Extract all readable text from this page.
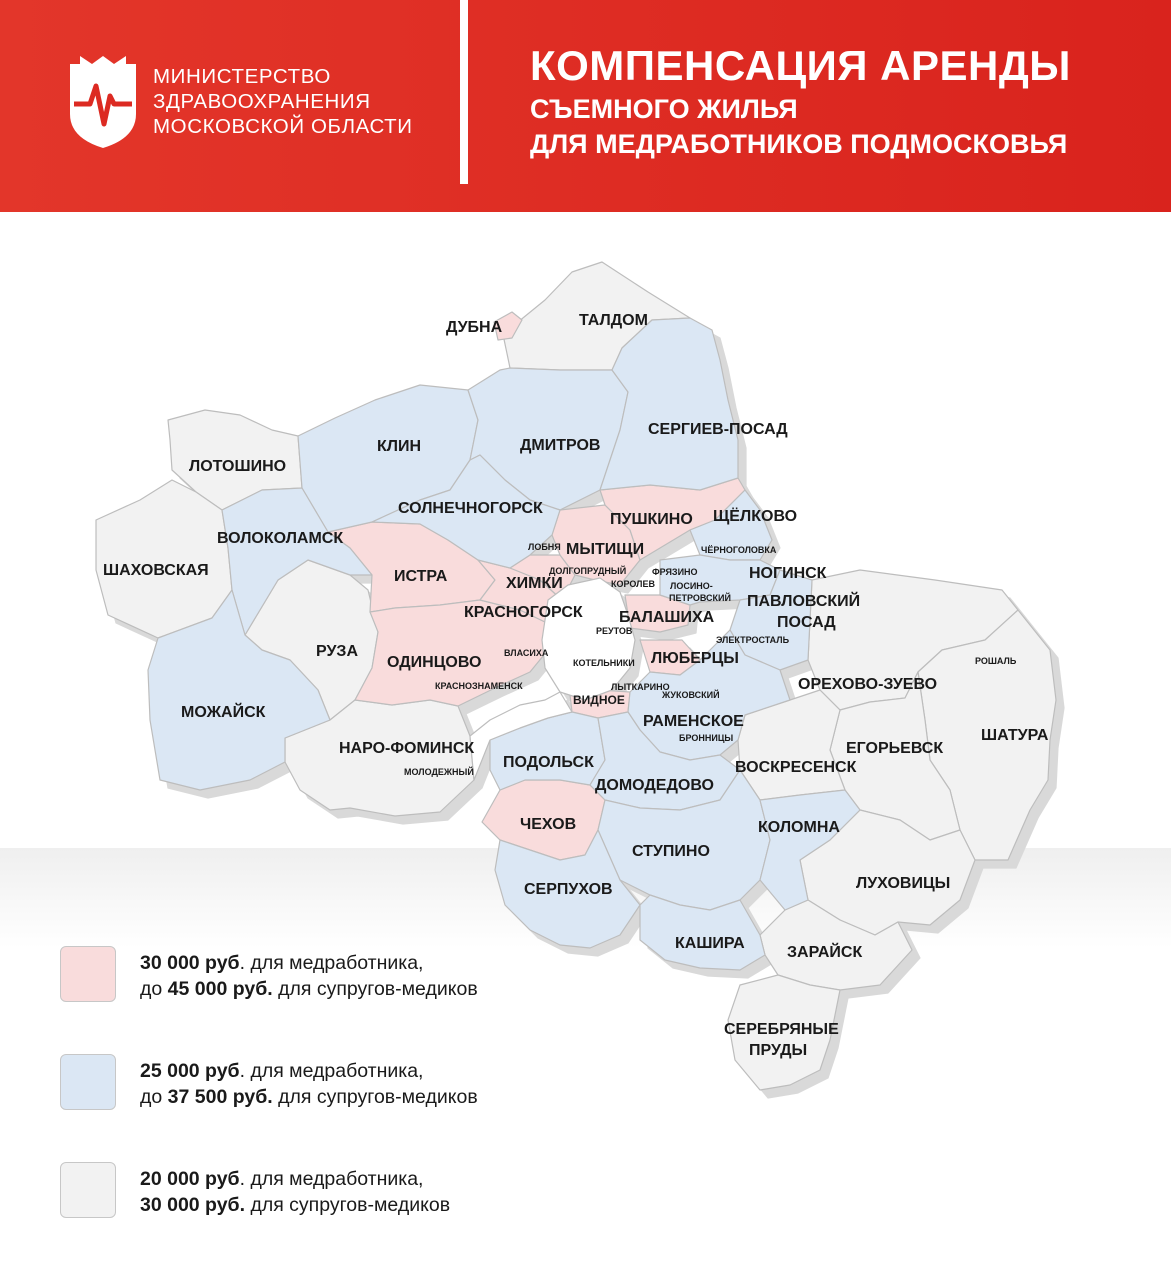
МИНИСТЕРСТВО
ЗДРАВООХРАНЕНИЯ
МОСКОВСКОЙ ОБЛАСТИ
КОМПЕНСАЦИЯ АРЕНДЫ
СЪЕМНОГО ЖИЛЬЯ
ДЛЯ МЕДРАБОТНИКОВ ПОДМОСКОВЬЯ
ДУБНА	ТАЛДОМ
КЛИН	ДМИТРОВ
СЕРГИЕВ-ПОСАД
ЛОТОШИНО
СОЛНЕЧНОГОРСК
ПУШКИНО ЩЁЛКОВО
ВОЛОКОЛАМСК
МЫТИЩИ
ШАХОВСКАЯ	ИСТРА	ХИМКИ
НОГИНСК
ПАВЛОВСКИЙ
ПОСАД
КРАСНОГОРСК БАЛАШИХА
РУЗА
ОДИНЦОВО	ЛЮБЕРЦЫ
ОРЕХОВО-ЗУЕВО
МОЖАЙСК
РАМЕНСКОЕ
ШАТУРА
НАРО-ФОМИНСК	ЕГОРЬЕВСК
ПОДОЛЬСК	ВОСКРЕСЕНСК
ДОМОДЕДОВО
ЧЕХОВ	КОЛОМНА
СТУПИНО
ЛУХОВИЦЫ
СЕРПУХОВ
КАШИРА
ЗАРАЙСК
СЕРЕБРЯНЫЕ
ПРУДЫ
ЛОБНЯ
ДОЛГОПРУДНЫЙ
ЧЁРНОГОЛОВКА
ФРЯЗИНО
КОРОЛЕВ ЛОСИНО-
ПЕТРОВСКИЙ
РЕУТОВ
ЭЛЕКТРОСТАЛЬ
ВЛАСИХА
КОТЕЛЬНИКИ	РОШАЛЬ
КРАСНОЗНАМЕНСК	ЛЫТКАРИНО
ЖУКОВСКИЙ
БРОННИЦЫ
МОЛОДЕЖНЫЙ
ВИДНОЕ
30 000 руб. для медработника,
до 45 000 руб. для супругов-медиков
25 000 руб. для медработника,
до 37 500 руб. для супругов-медиков
20 000 руб. для медработника,
30 000 руб. для супругов-медиков
